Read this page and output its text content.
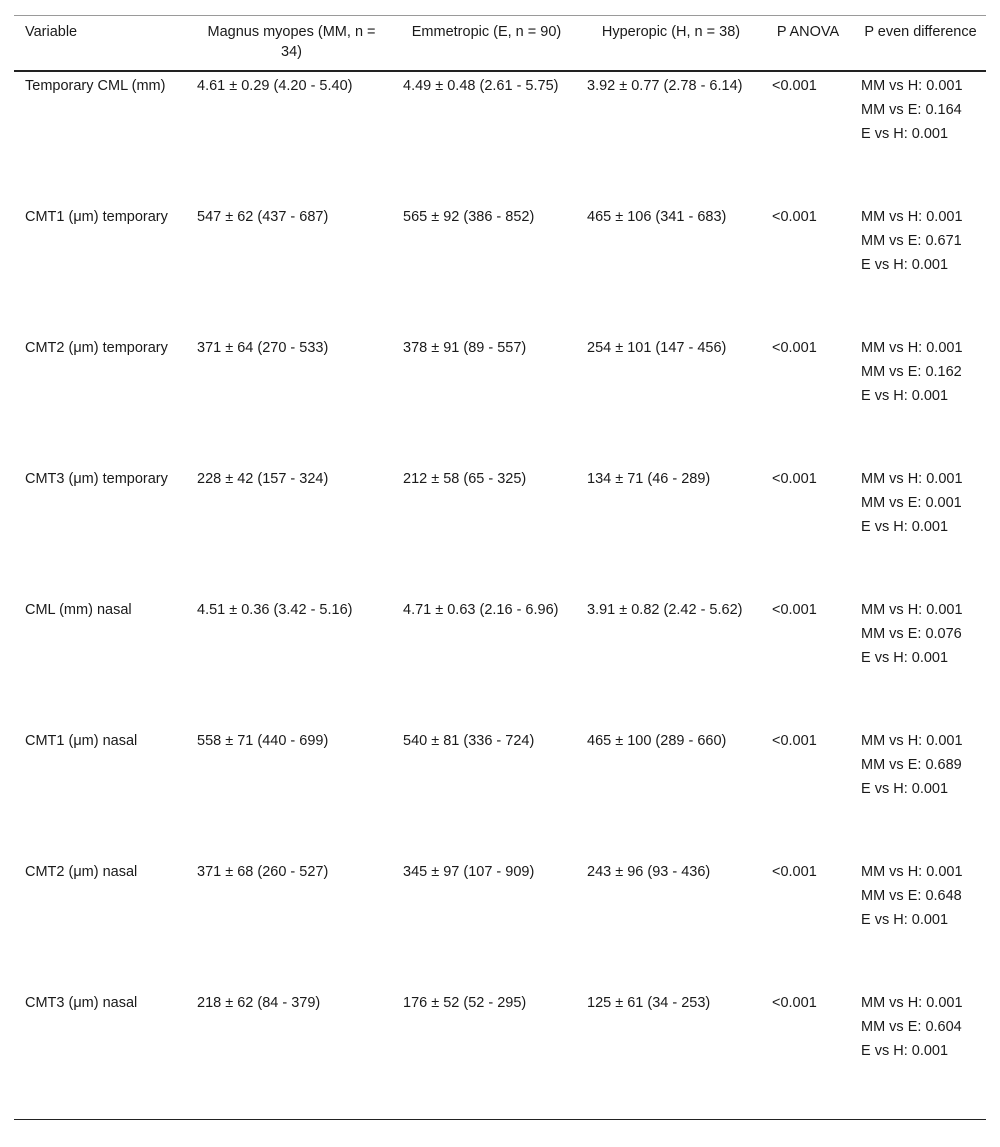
Variable	Magnus myopes (MM, n = 34)	Emmetropic (E, n = 90)	Hyperopic (H, n = 38)	P ANOVA	P even difference
Temporary CML (mm)	4.61 ± 0.29 (4.20 - 5.40)	4.49 ± 0.48 (2.61 - 5.75)	3.92 ± 0.77 (2.78 - 6.14)	<0.001	MM vs H: 0.001
MM vs E: 0.164
E vs H: 0.001

CMT1 (μm) temporary	547 ± 62 (437 - 687)	565 ± 92 (386 - 852)	465 ± 106 (341 - 683)	<0.001	MM vs H: 0.001
MM vs E: 0.671
E vs H: 0.001

CMT2 (μm) temporary	371 ± 64 (270 - 533)	378 ± 91 (89 - 557)	254 ± 101 (147 - 456)	<0.001	MM vs H: 0.001
MM vs E: 0.162
E vs H: 0.001

CMT3 (μm) temporary	228 ± 42 (157 - 324)	212 ± 58 (65 - 325)	134 ± 71 (46 - 289)	<0.001	MM vs H: 0.001
MM vs E: 0.001
E vs H: 0.001

CML (mm) nasal	4.51 ± 0.36 (3.42 - 5.16)	4.71 ± 0.63 (2.16 - 6.96)	3.91 ± 0.82 (2.42 - 5.62)	<0.001	MM vs H: 0.001
MM vs E: 0.076
E vs H: 0.001

CMT1 (μm) nasal	558 ± 71 (440 - 699)	540 ± 81 (336 - 724)	465 ± 100 (289 - 660)	<0.001	MM vs H: 0.001
MM vs E: 0.689
E vs H: 0.001

CMT2 (μm) nasal	371 ± 68 (260 - 527)	345 ± 97 (107 - 909)	243 ± 96 (93 - 436)	<0.001	MM vs H: 0.001
MM vs E: 0.648
E vs H: 0.001

CMT3 (μm) nasal	218 ± 62 (84 - 379)	176 ± 52 (52 - 295)	125 ± 61 (34 - 253)	<0.001	MM vs H: 0.001
MM vs E: 0.604
E vs H: 0.001
